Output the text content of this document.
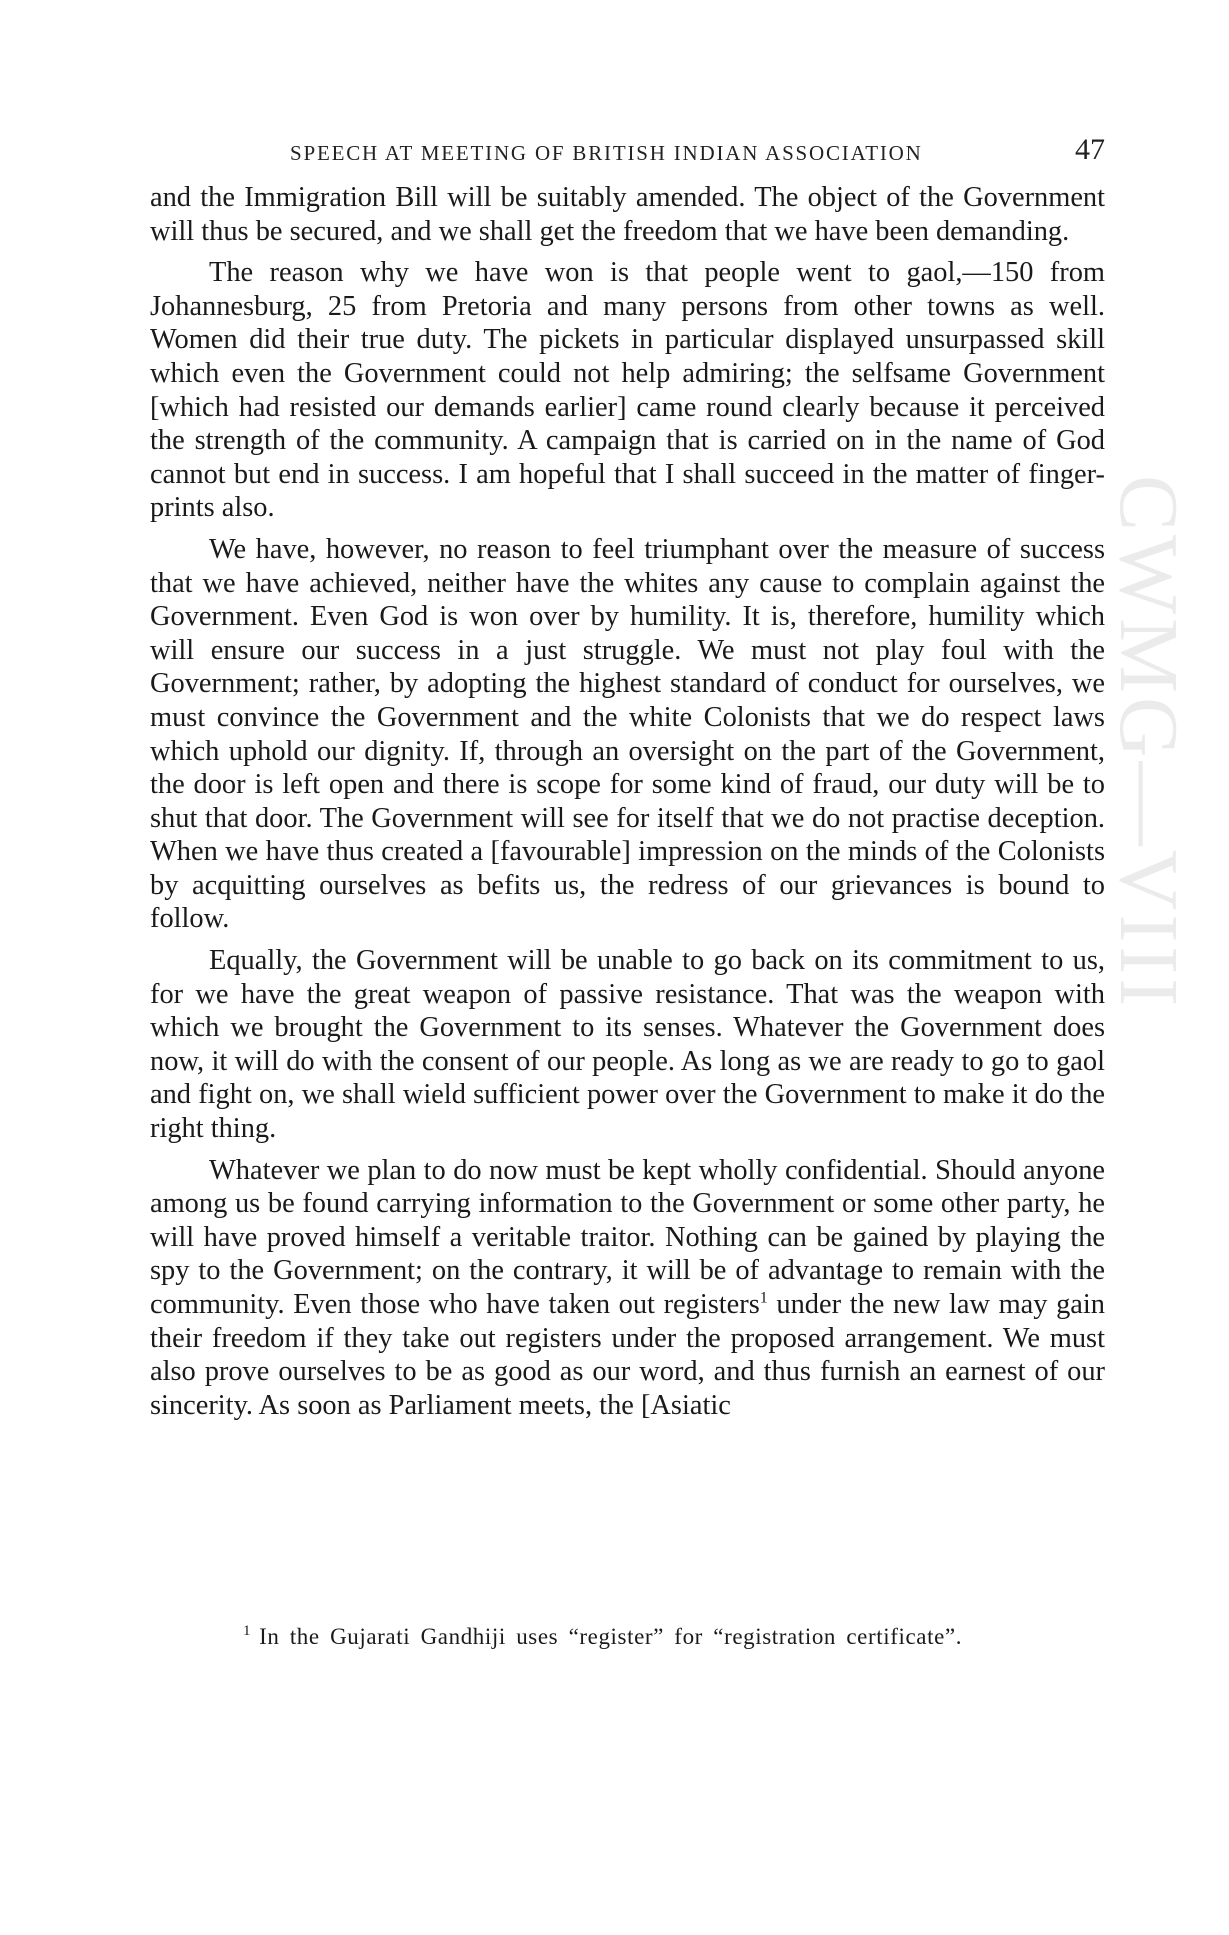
CWMG—VIII
SPEECH AT MEETING OF BRITISH INDIAN ASSOCIATION	47

and the Immigration Bill will be suitably amended. The object of the Government will thus be secured, and we shall get the freedom that we have been demanding.

The reason why we have won is that people went to gaol,—150 from Johannesburg, 25 from Pretoria and many persons from other towns as well. Women did their true duty. The pickets in particular displayed unsurpassed skill which even the Government could not help admiring; the selfsame Government [which had resisted our demands earlier] came round clearly because it perceived the strength of the community. A campaign that is carried on in the name of God cannot but end in success. I am hopeful that I shall succeed in the matter of finger-prints also.

We have, however, no reason to feel triumphant over the measure of success that we have achieved, neither have the whites any cause to complain against the Government. Even God is won over by humility. It is, therefore, humility which will ensure our success in a just struggle. We must not play foul with the Government; rather, by adopting the highest standard of conduct for ourselves, we must convince the Government and the white Colonists that we do respect laws which uphold our dignity. If, through an oversight on the part of the Government, the door is left open and there is scope for some kind of fraud, our duty will be to shut that door. The Government will see for itself that we do not practise deception. When we have thus created a [favourable] impression on the minds of the Colonists by acquitting ourselves as befits us, the redress of our grievances is bound to follow.

Equally, the Government will be unable to go back on its commitment to us, for we have the great weapon of passive resistance. That was the weapon with which we brought the Government to its senses. Whatever the Government does now, it will do with the consent of our people. As long as we are ready to go to gaol and fight on, we shall wield sufficient power over the Government to make it do the right thing.

Whatever we plan to do now must be kept wholly confidential. Should anyone among us be found carrying information to the Government or some other party, he will have proved himself a veritable traitor. Nothing can be gained by playing the spy to the Government; on the contrary, it will be of advantage to remain with the community. Even those who have taken out registers$^1$ under the new law may gain their freedom if they take out registers under the proposed arrangement. We must also prove ourselves to be as good as our word, and thus furnish an earnest of our sincerity. As soon as Parliament meets, the [Asiatic

$^1$ In the Gujarati Gandhiji uses “register” for “registration certificate”.
